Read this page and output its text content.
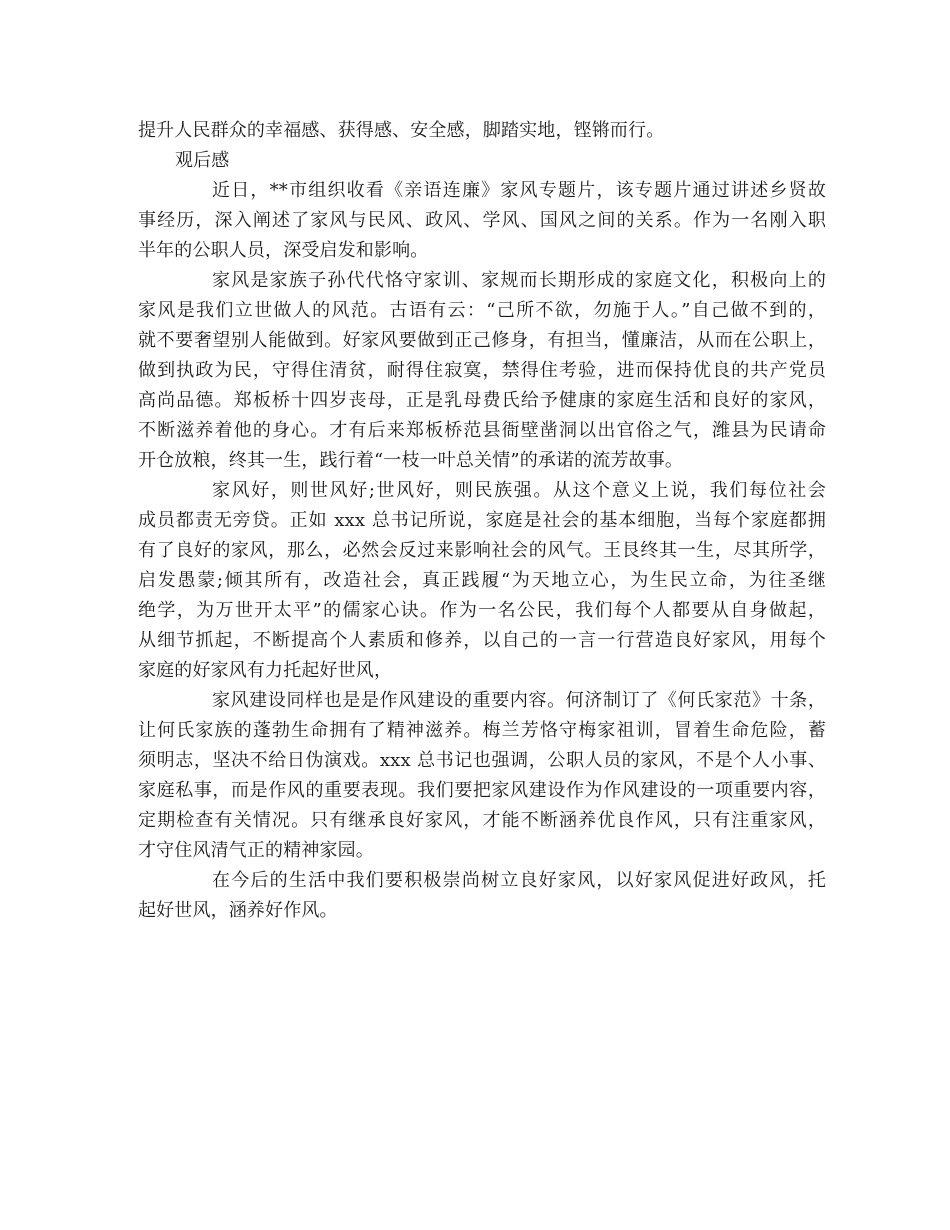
提升人民群众的幸福感、获得感、安全感，脚踏实地，铿锵而行。

观后感

近日，**市组织收看《亲语连廉》家风专题片，该专题片通过讲述乡贤故

事经历，深入阐述了家风与民风、政风、学风、国风之间的关系。作为一名刚入职

半年的公职人员，深受启发和影响。

家风是家族子孙代代恪守家训、家规而长期形成的家庭文化，积极向上的

家风是我们立世做人的风范。古语有云：“己所不欲，勿施于人。”自己做不到的，

就不要奢望别人能做到。好家风要做到正己修身，有担当，懂廉洁，从而在公职上，

做到执政为民，守得住清贫，耐得住寂寞，禁得住考验，进而保持优良的共产党员

高尚品德。郑板桥十四岁丧母，正是乳母费氏给予健康的家庭生活和良好的家风，

不断滋养着他的身心。才有后来郑板桥范县衙壁凿洞以出官俗之气，潍县为民请命

开仓放粮，终其一生，践行着“一枝一叶总关情”的承诺的流芳故事。

家风好，则世风好;世风好，则民族强。从这个意义上说，我们每位社会

成员都责无旁贷。正如 xxx 总书记所说，家庭是社会的基本细胞，当每个家庭都拥

有了良好的家风，那么，必然会反过来影响社会的风气。王艮终其一生，尽其所学，

启发愚蒙;倾其所有，改造社会，真正践履“为天地立心，为生民立命，为往圣继

绝学，为万世开太平”的儒家心诀。作为一名公民，我们每个人都要从自身做起，

从细节抓起，不断提高个人素质和修养，以自己的一言一行营造良好家风，用每个

家庭的好家风有力托起好世风，

家风建设同样也是是作风建设的重要内容。何济制订了《何氏家范》十条，

让何氏家族的蓬勃生命拥有了精神滋养。梅兰芳恪守梅家祖训，冒着生命危险，蓄

须明志，坚决不给日伪演戏。xxx 总书记也强调，公职人员的家风，不是个人小事、

家庭私事，而是作风的重要表现。我们要把家风建设作为作风建设的一项重要内容，

定期检查有关情况。只有继承良好家风，才能不断涵养优良作风，只有注重家风，

才守住风清气正的精神家园。

在今后的生活中我们要积极崇尚树立良好家风，以好家风促进好政风，托

起好世风，涵养好作风。
